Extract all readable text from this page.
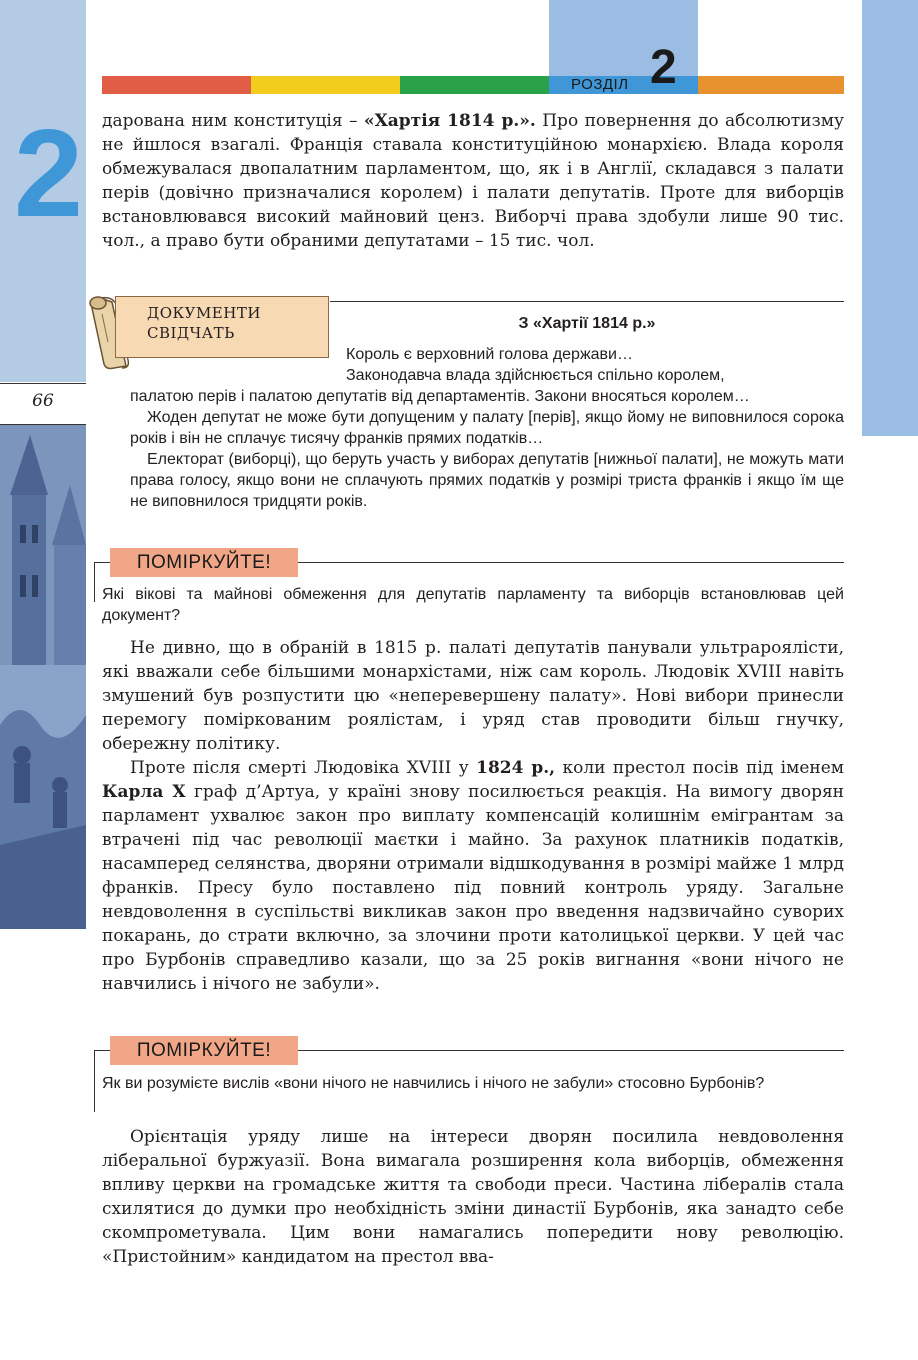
2
66
РОЗДІЛ 2

дарована ним конституція – «Хартія 1814 р.». Про повернення до абсолютизму не йшлося взагалі. Франція ставала конституційною монархією. Влада короля обмежувалася двопалатним парламентом, що, як і в Англії, складався з палати перів (довічно призначалися королем) і палати депутатів. Проте для виборців встановлювався високий майновий ценз. Виборчі права здобули лише 90 тис. чол., а право бути обраними депутатами – 15 тис. чол.

ДОКУМЕНТИ
СВІДЧАТЬ
З «Хартії 1814 р.»

Король є верховний голова держави…

Законодавча влада здійснюється спільно королем,

палатою перів і палатою депутатів від департаментів. Закони вносяться королем…

Жоден депутат не може бути допущеним у палату [перів], якщо йому не виповнилося сорока років і він не сплачує тисячу франків прямих податків…

Електорат (виборці), що беруть участь у виборах депутатів [нижньої палати], не можуть мати права голосу, якщо вони не сплачують прямих податків у розмірі триста франків і якщо їм ще не виповнилося тридцяти років.

ПОМІРКУЙТЕ!
Які вікові та майнові обмеження для депутатів парламенту та виборців встановлював цей документ?

Не дивно, що в обраній в 1815 р. палаті депутатів панували ультрароялісти, які вважали себе більшими монархістами, ніж сам король. Людовік XVIII навіть змушений був розпустити цю «неперевершену палату». Нові вибори принесли перемогу поміркованим роялістам, і уряд став проводити більш гнучку, обережну політику.

Проте після смерті Людовіка XVIII у 1824 р., коли престол посів під іменем Карла X граф д’Артуа, у країні знову посилюється реакція. На вимогу дворян парламент ухвалює закон про виплату компенсацій колишнім емігрантам за втрачені під час революції маєтки і майно. За рахунок платників податків, насамперед селянства, дворяни отримали відшкодування в розмірі майже 1 млрд франків. Пресу було поставлено під повний контроль уряду. Загальне невдоволення в суспільстві викликав закон про введення надзвичайно суворих покарань, до страти включно, за злочини проти католицької церкви. У цей час про Бурбонів справедливо казали, що за 25 років вигнання «вони нічого не навчились і нічого не забули».

ПОМІРКУЙТЕ!
Як ви розумієте вислів «вони нічого не навчились і нічого не забули» стосовно Бурбонів?

Орієнтація уряду лише на інтереси дворян посилила невдоволення ліберальної буржуазії. Вона вимагала розширення кола виборців, обмеження впливу церкви на громадське життя та свободи преси. Частина лібералів стала схилятися до думки про необхідність зміни династії Бурбонів, яка занадто себе скомпрометувала. Цим вони намагались попередити нову революцію. «Пристойним» кандидатом на престол вва-
